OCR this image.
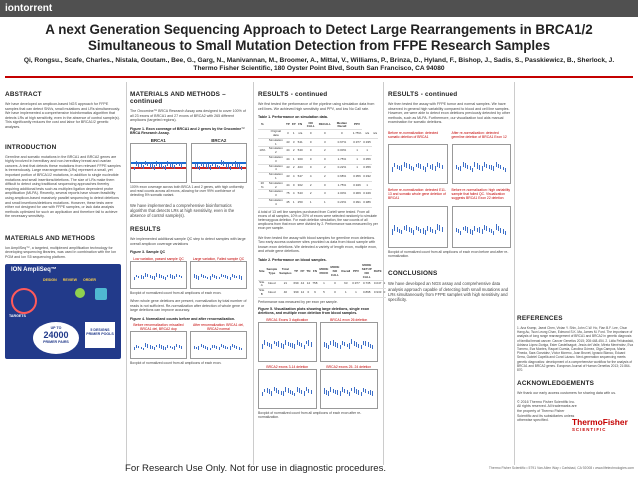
iontorrent
A next Generation Sequencing Approach to Detect Large Rearrangements in BRCA1/2
Simultaneous to Small Mutation Detection from FFPE Research Samples
Qi, Rongsu., Scafe, Charles., Nistala, Goutam., Bee, G., Garg, N., Manivannan, M., Broomer, A., Mittal, V., Williams, P., Brinza, D., Hyland, F., Bishop, J., Sadis, S., Passkiewicz, B., Sherlock, J.
Thermo Fisher Scientific, 180 Oyster Point Blvd, South San Francisco, CA 94080
ABSTRACT

We have developed an amplicon-based NGS approach for FFPE samples that can detect SNVs, small mutations and LRs simultaneously. We have implemented a comprehensive bioinformatics algorithm that detects LRs at high sensitivity, even in the absence of control sample(s). This significantly reduces the cost and labor for BRCA1/2 genetic analyses.

INTRODUCTION

Germline and somatic mutations in the BRCA1 and BRCA2 genes are highly involved in hereditary and non-hereditary breast and ovarian cancers. A test that detects these mutations from relevant FFPE samples is tremendously. Large rearrangements (LRs) represent a small, yet important portion of BRCA1/2 mutations, in addition to single nucleotide mutations and small insertions/deletions. The size of LRs make them difficult to detect using traditional sequencing approaches thereby requiring additional tests such as multiplex ligation dependent probe amplification (MLPA). Recently, several reports have shown feasibility using amplicon-based massively parallel sequencing to detect deletions and small insertions/deletions mutations. However, these tests were either not designed for use with FFPE samples, or lack data analysis methods optimized for such an application and therefore fail to achieve the necessary sensitivity.

MATERIALS AND METHODS

Ion AmpliSeq™, a targeted, multiplexed amplification technology for developing sequencing libraries, was used in combination with the Ion PGM and Ion S5 sequencing platform.

ION AmpliSeq™
DESIGN REVIEW ORDER
TARGETS
UP TO
24000
PRIMER PAIRS
5 DESIGNS
PRIMER POOLS
MATERIALS AND METHODS – continued

The Oncomine™ BRCA Research Assay was designed to cover 100% of all 23 exons of BRCA1 and 27 exons of BRCA2 with 265 different amplicons (targeted regions).

Figure 1. Exon coverage of BRCA1 and 2 genes by the Oncomine™ BRCA Research Assay.
BRCA1	BRCA2
100% exon coverage across both BRCA 1 and 2 genes, with high uniformity and read counts across all exons, allowing for over 99% confidence of detecting 5% somatic variant.

We have implemented a comprehensive bioinformatics algorithm that detects LRs at high sensitivity, even in the absence of control sample(s).

RESULTS

We implemented additional sample QC step to detect samples with large overall amplicon coverage variations

Figure 3. Sample QC
Low variation, passed sample QC	Large variation, Failed sample QC
Boxplot of normalized count from all amplicons of each exon.

When whole gene deletions are present, normalization by total number of reads is not sufficient. Re-normalization after detection of whole gene or large deletions can improve accuracy.

Figure 4. Normalized counts before and after renormalization.
Before renormalization: miscalled BRCA1 del, BRCA2 dup
After renormalization: BRCA1 del, BRCA2 normal
Boxplot of normalized count from all amplicons of each exon.
RESULTS - continued

We first tested the performance of the pipeline using simulation data from cell lines. We achieved high sensitivity and PPV, and low No Call rate.

Table 1. Performance on simulation data.
%		TP	FP	FN	NO CALL	RECALL	Median Recall	PPV		
	Original data	3	1	n/a	0	0	0	1.75%	n/a	n/a
	Simulation 1	43	3	541	0	3	0.67%	0.977	0.935	
10%	Simulation 2	44	2	540	0	2	0.00%	1	1	
	Simulation 3	44	1	300	0	0	1.75%	1	0.956	
	Simulation 4	43	2	403	0	2	0.22%	1	0.956	
	Simulation 1	43	4	547	4	2	0.68%	0.956	0.932	
20 %	Simulation 2	44	0	302	2	0	1.75%	0.946	1	
	Simulation 3	75	4	543	2	3	2.00%	0.969	0.949	
	Simulation 4	45	1	250	1	1	0.23%	0.991	0.986	
A total of 13 cell line samples purchased from Coriell were tested. From all exons of all samples, 10% or 20% of exons were selected randomly to simulate heterozygous deletion. For each deletion simulation, the raw counts of all amplicons from that exon were divided by 2. Performance was measured by per exon per sample.

We then tested the assay with blood samples for germline exon deletions. Two early access customer sites provided us data from blood sample with known exon deletions. We detected a variety of length exon, multiple exon, and whole gene deletions.

Table 2. Performance on blood samples.
Site	Sample Type	Total Samples	TP	FP	TN	FN	MODE ROCK	MODE NO CALL	Recall	PPV	MODE SETUP NO CALL	RATE	
Site A	blood	21	699	44	14	758	1	0	63	0.977	0.735	0.047	1
Site B	blood	40	399	12	0	9	5	0	1	1	0.898	0.933	0
Performance was measured by per exon per sample.
Figure 5. Visualization plots showing large deletions, single exon deletions, and multiple exon deletion from blood samples.
BRCA1 Exons 3 duplication	BRCA1 exon 26 deletion
BRCA2 exons 3-14 deletion	BRCA2 exons 25- 24 deletion
Boxplot of normalized count from all amplicons of each exon after re-normalization.
RESULTS - continued

We then tested the assay with FFPE tumor and normal samples. We have observed in general high variability compared to blood and cell line samples. However, we were able to detect exon deletions previously detected by other methods, such as MLPA. Furthermore, our visualization tool aids manual examination for somatic deletions.

Before re-normalization: detected somatic deletion of BRCA1
After re-normalization: detected germline deletion of BRCA1 Exon 12
Before re-normalization: detected E11-13 and somatic whole gene deletion of BRCA1
Before re-normalization: high variability sample that failed QC. Visualization suggests BRCA1 Exon 22 deletion
Boxplot of normalized count from all amplicons of each exon before and after re-normalization.
CONCLUSIONS

We have developed an NGS assay and comprehensive data analysis approach capable of detecting both small mutations and LRs simultaneously from FFPE samples with high sensitivity and specificity.

REFERENCES

1. Ana Kramp, Jaewi Chen, Vivian Y. Shin, John C.W. Ho, Fian B.F. Lee, Chun Hang Au, Tsun Leung Chan, Edmond S.K. Ma, James M. Ford. The importance of analysis of long range rearrangement of BRCA1 and BRCA2 in genetic diagnosis of familial breast cancer. Cancer Genetics 2015; 208:448-454. 2. Lidia Feliubadaló, Adriana López-Doriga, Ester Castellsagué, Jesús del Valle, Mireia Menéndez, Eva Tornero, Eva Montes, Raquel Cuesta, Carolina Gómez, Olga Campos, Marta Pineda, Sara González, Víctor Moreno, Joan Brunet, Ignacio Blanco, Eduard Serra, Gabriel Capellá and Conxi Lázaro. Next-generation sequencing meets genetic diagnostics: development of a comprehensive workflow for the analysis of BRCA1 and BRCA2 genes. European Journal of Human Genetics 2013; 21:864-870.

ACKNOWLEDGEMENTS

We thank our early access customers for sharing data with us.

© 2016 Thermo Fisher Scientific Inc. All rights reserved. All trademarks are the property of Thermo Fisher Scientific and its subsidiaries unless otherwise specified.	ThermoFisher
SCIENTIFIC
For Research Use Only. Not for use in diagnostic procedures.	Thermo Fisher Scientific • 5791 Van Allen Way • Carlsbad, CA 92008 • www.lifetechnologies.com
